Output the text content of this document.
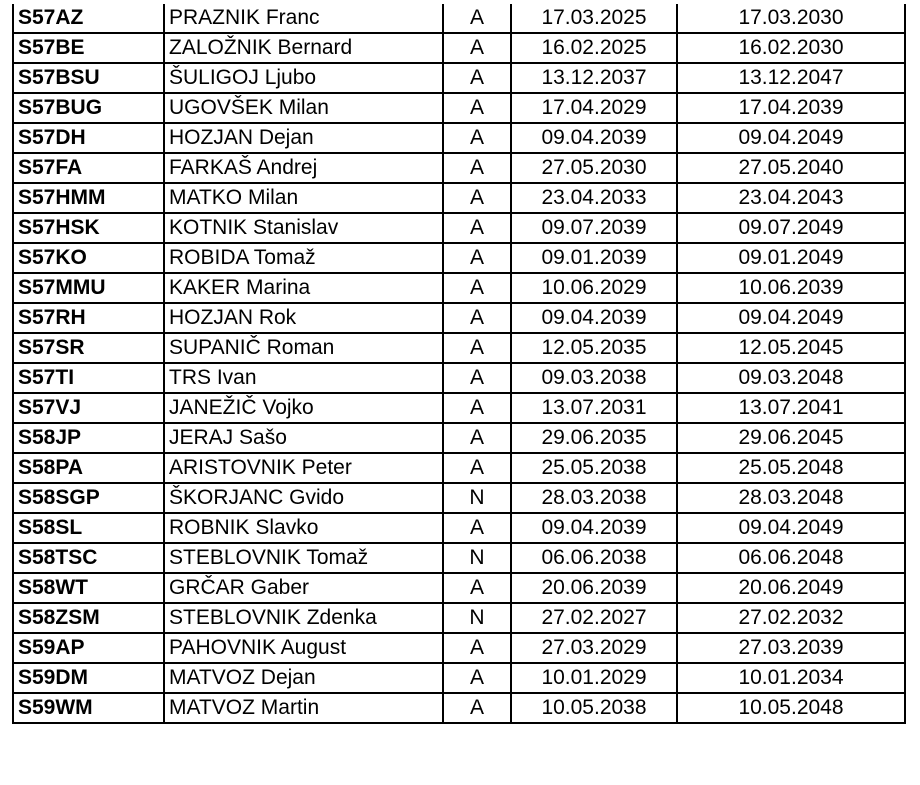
S57AZ	PRAZNIK Franc	A	17.03.2025	17.03.2030
S57BE	ZALOŽNIK Bernard	A	16.02.2025	16.02.2030
S57BSU	ŠULIGOJ Ljubo	A	13.12.2037	13.12.2047
S57BUG	UGOVŠEK Milan	A	17.04.2029	17.04.2039
S57DH	HOZJAN Dejan	A	09.04.2039	09.04.2049
S57FA	FARKAŠ Andrej	A	27.05.2030	27.05.2040
S57HMM	MATKO Milan	A	23.04.2033	23.04.2043
S57HSK	KOTNIK Stanislav	A	09.07.2039	09.07.2049
S57KO	ROBIDA Tomaž	A	09.01.2039	09.01.2049
S57MMU	KAKER Marina	A	10.06.2029	10.06.2039
S57RH	HOZJAN Rok	A	09.04.2039	09.04.2049
S57SR	SUPANIČ Roman	A	12.05.2035	12.05.2045
S57TI	TRS Ivan	A	09.03.2038	09.03.2048
S57VJ	JANEŽIČ Vojko	A	13.07.2031	13.07.2041
S58JP	JERAJ Sašo	A	29.06.2035	29.06.2045
S58PA	ARISTOVNIK Peter	A	25.05.2038	25.05.2048
S58SGP	ŠKORJANC Gvido	N	28.03.2038	28.03.2048
S58SL	ROBNIK Slavko	A	09.04.2039	09.04.2049
S58TSC	STEBLOVNIK Tomaž	N	06.06.2038	06.06.2048
S58WT	GRČAR Gaber	A	20.06.2039	20.06.2049
S58ZSM	STEBLOVNIK Zdenka	N	27.02.2027	27.02.2032
S59AP	PAHOVNIK August	A	27.03.2029	27.03.2039
S59DM	MATVOZ Dejan	A	10.01.2029	10.01.2034
S59WM	MATVOZ Martin	A	10.05.2038	10.05.2048
